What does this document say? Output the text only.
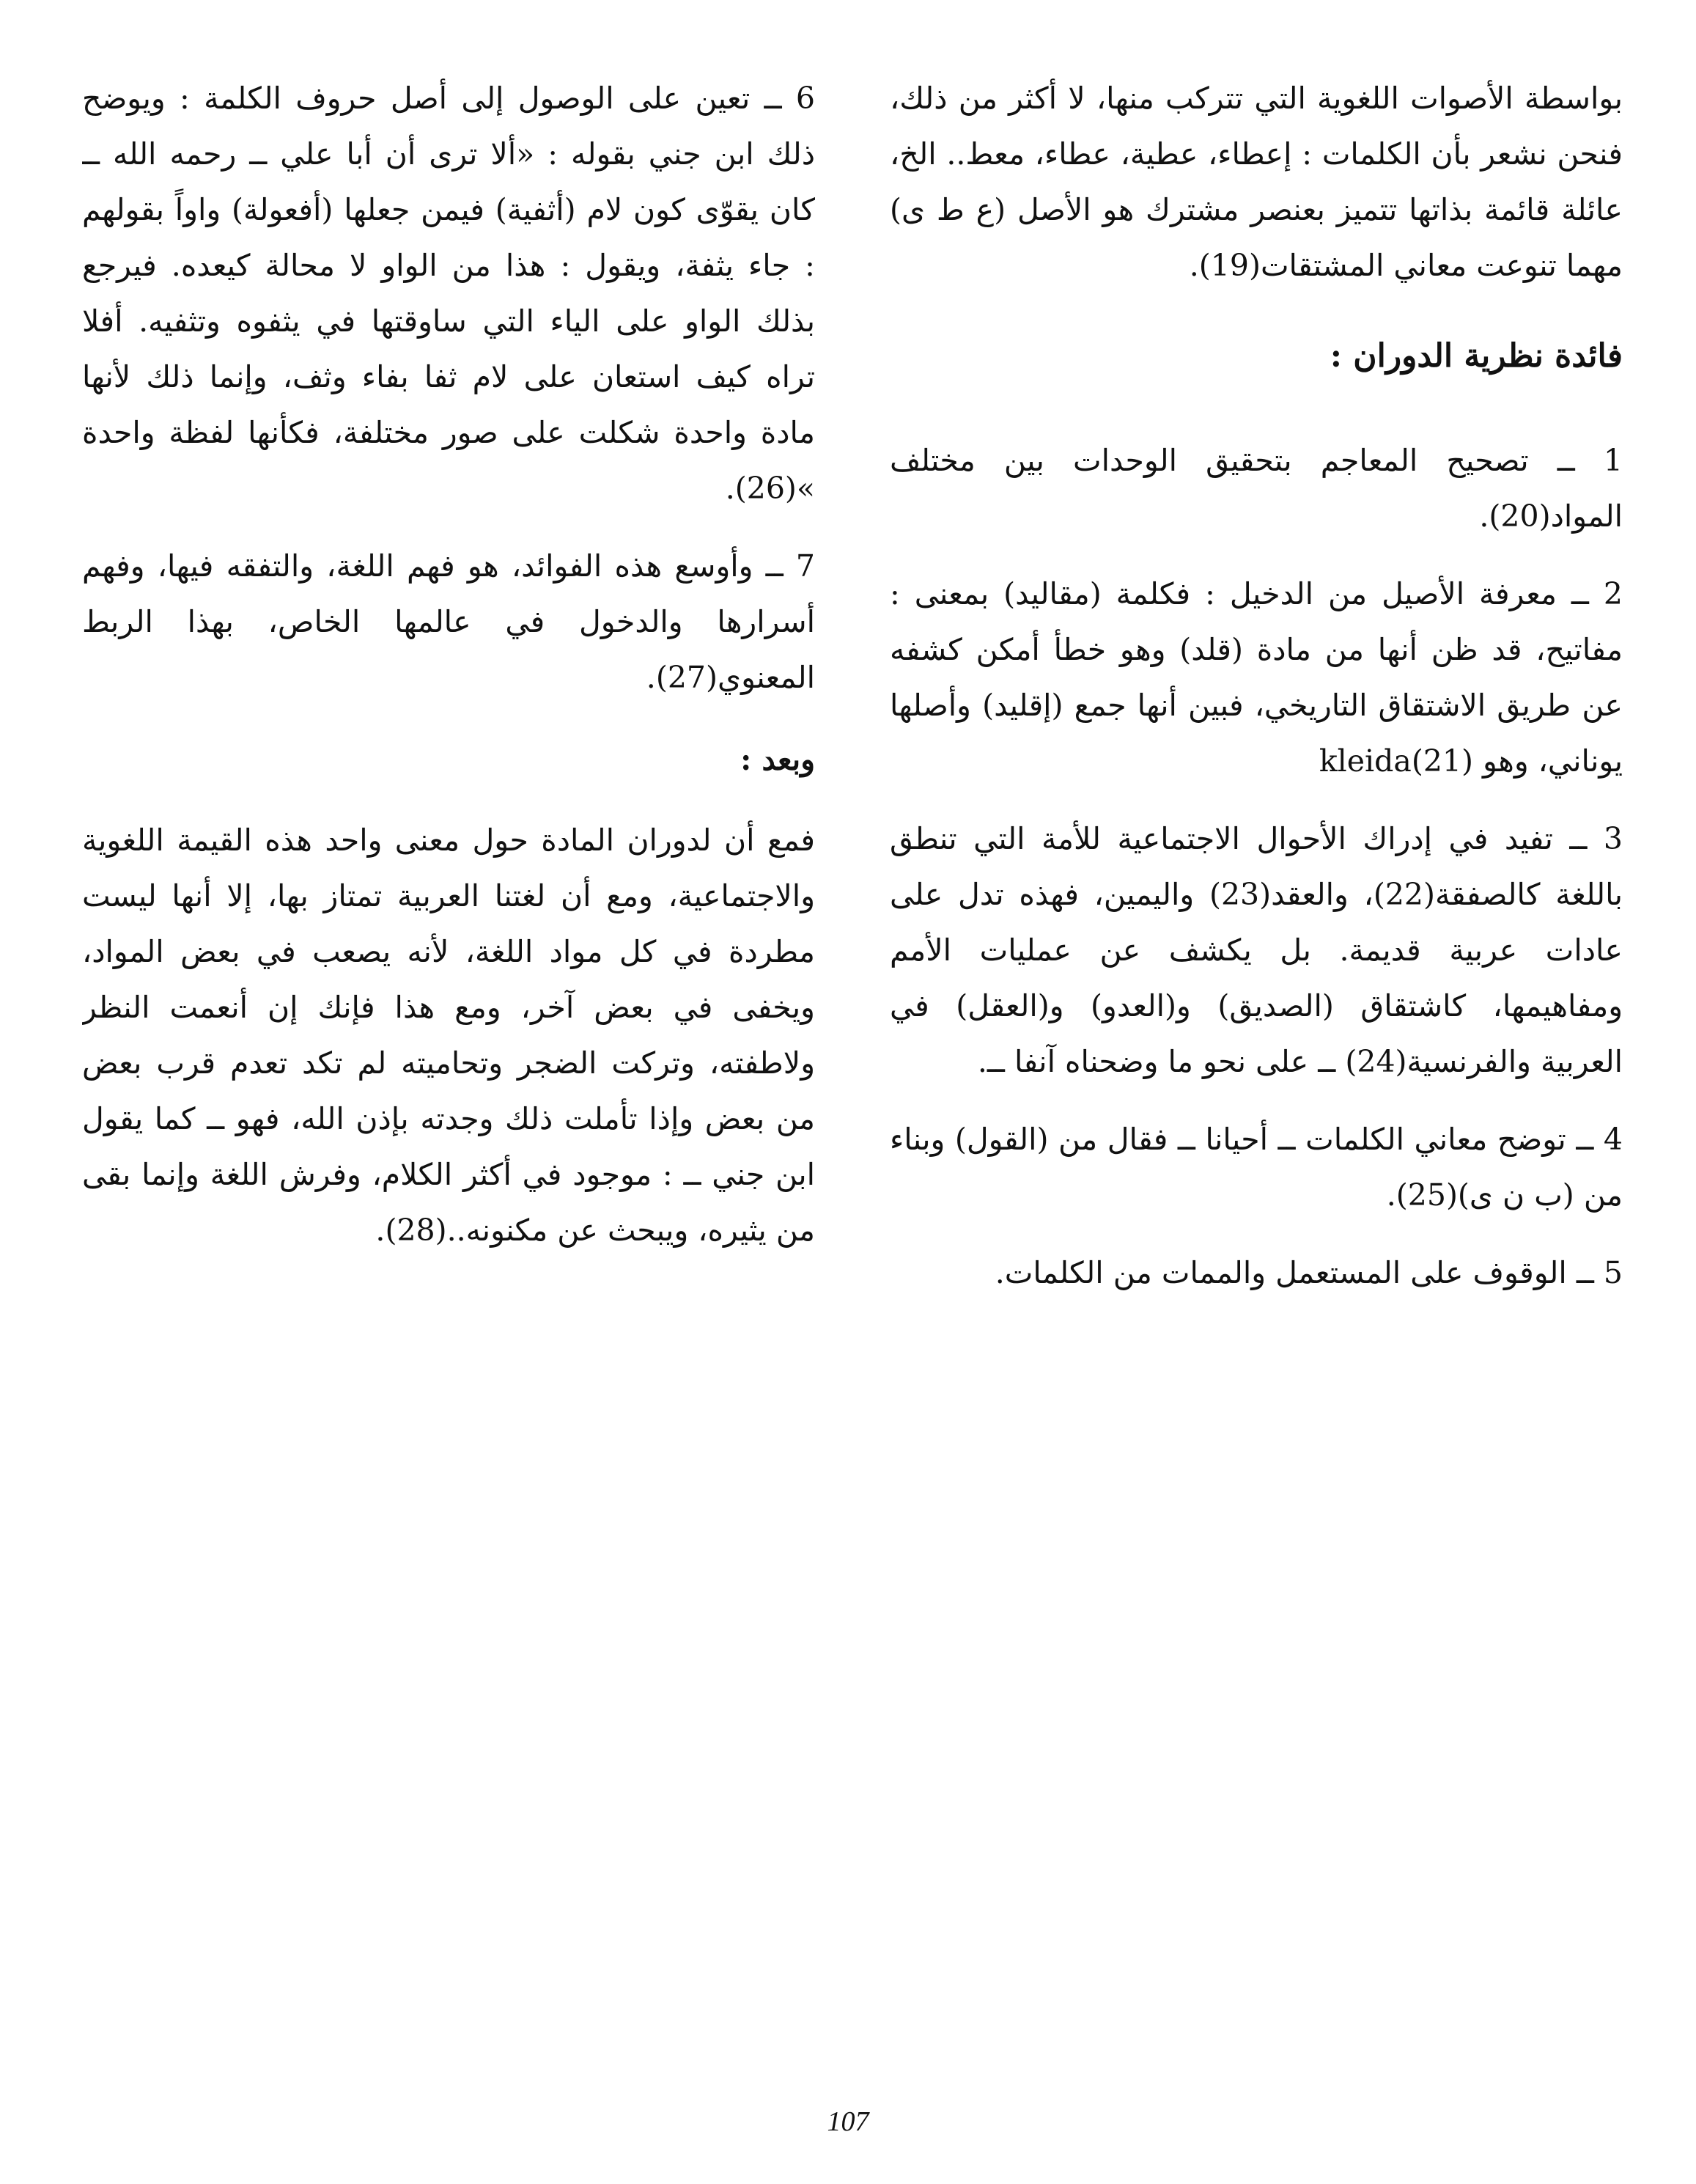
بواسطة الأصوات اللغوية التي تتركب منها، لا أكثر من ذلك، فنحن نشعر بأن الكلمات : إعطاء، عطية، عطاء، معط.. الخ، عائلة قائمة بذاتها تتميز بعنصر مشترك هو الأصل (ع ط ى) مهما تنوعت معاني المشتقات(19).

فائدة نظرية الدوران :

1 ــ تصحيح المعاجم بتحقيق الوحدات بين مختلف المواد(20).

2 ــ معرفة الأصيل من الدخيل : فكلمة (مقاليد) بمعنى : مفاتيح، قد ظن أنها من مادة (قلد) وهو خطأ أمكن كشفه عن طريق الاشتقاق التاريخي، فبين أنها جمع (إقليد) وأصلها يوناني، وهو kleida(21)

3 ــ تفيد في إدراك الأحوال الاجتماعية للأمة التي تنطق باللغة كالصفقة(22)، والعقد(23) واليمين، فهذه تدل على عادات عربية قديمة. بل يكشف عن عمليات الأمم ومفاهيمها، كاشتقاق (الصديق) و(العدو) و(العقل) في العربية والفرنسية(24) ــ على نحو ما وضحناه آنفا ــ.

4 ــ توضح معاني الكلمات ــ أحيانا ــ فقال من (القول) وبناء من (ب ن ى)(25).

5 ــ الوقوف على المستعمل والممات من الكلمات.

6 ــ تعين على الوصول إلى أصل حروف الكلمة : ويوضح ذلك ابن جني بقوله : «ألا ترى أن أبا علي ــ رحمه الله ــ كان يقوّى كون لام (أثفية) فيمن جعلها (أفعولة) واواً بقولهم : جاء يثفة، ويقول : هذا من الواو لا محالة كيعده. فيرجع بذلك الواو على الياء التي ساوقتها في يثفوه وتثفيه. أفلا تراه كيف استعان على لام ثفا بفاء وثف، وإنما ذلك لأنها مادة واحدة شكلت على صور مختلفة، فكأنها لفظة واحدة »(26).

7 ــ وأوسع هذه الفوائد، هو فهم اللغة، والتفقه فيها، وفهم أسرارها والدخول في عالمها الخاص، بهذا الربط المعنوي(27).

وبعد :

فمع أن لدوران المادة حول معنى واحد هذه القيمة اللغوية والاجتماعية، ومع أن لغتنا العربية تمتاز بها، إلا أنها ليست مطردة في كل مواد اللغة، لأنه يصعب في بعض المواد، ويخفى في بعض آخر، ومع هذا فإنك إن أنعمت النظر ولاطفته، وتركت الضجر وتحاميته لم تكد تعدم قرب بعض من بعض وإذا تأملت ذلك وجدته بإذن الله، فهو ــ كما يقول ابن جني ــ : موجود في أكثر الكلام، وفرش اللغة وإنما بقى من يثيره، ويبحث عن مكنونه..(28).

107
